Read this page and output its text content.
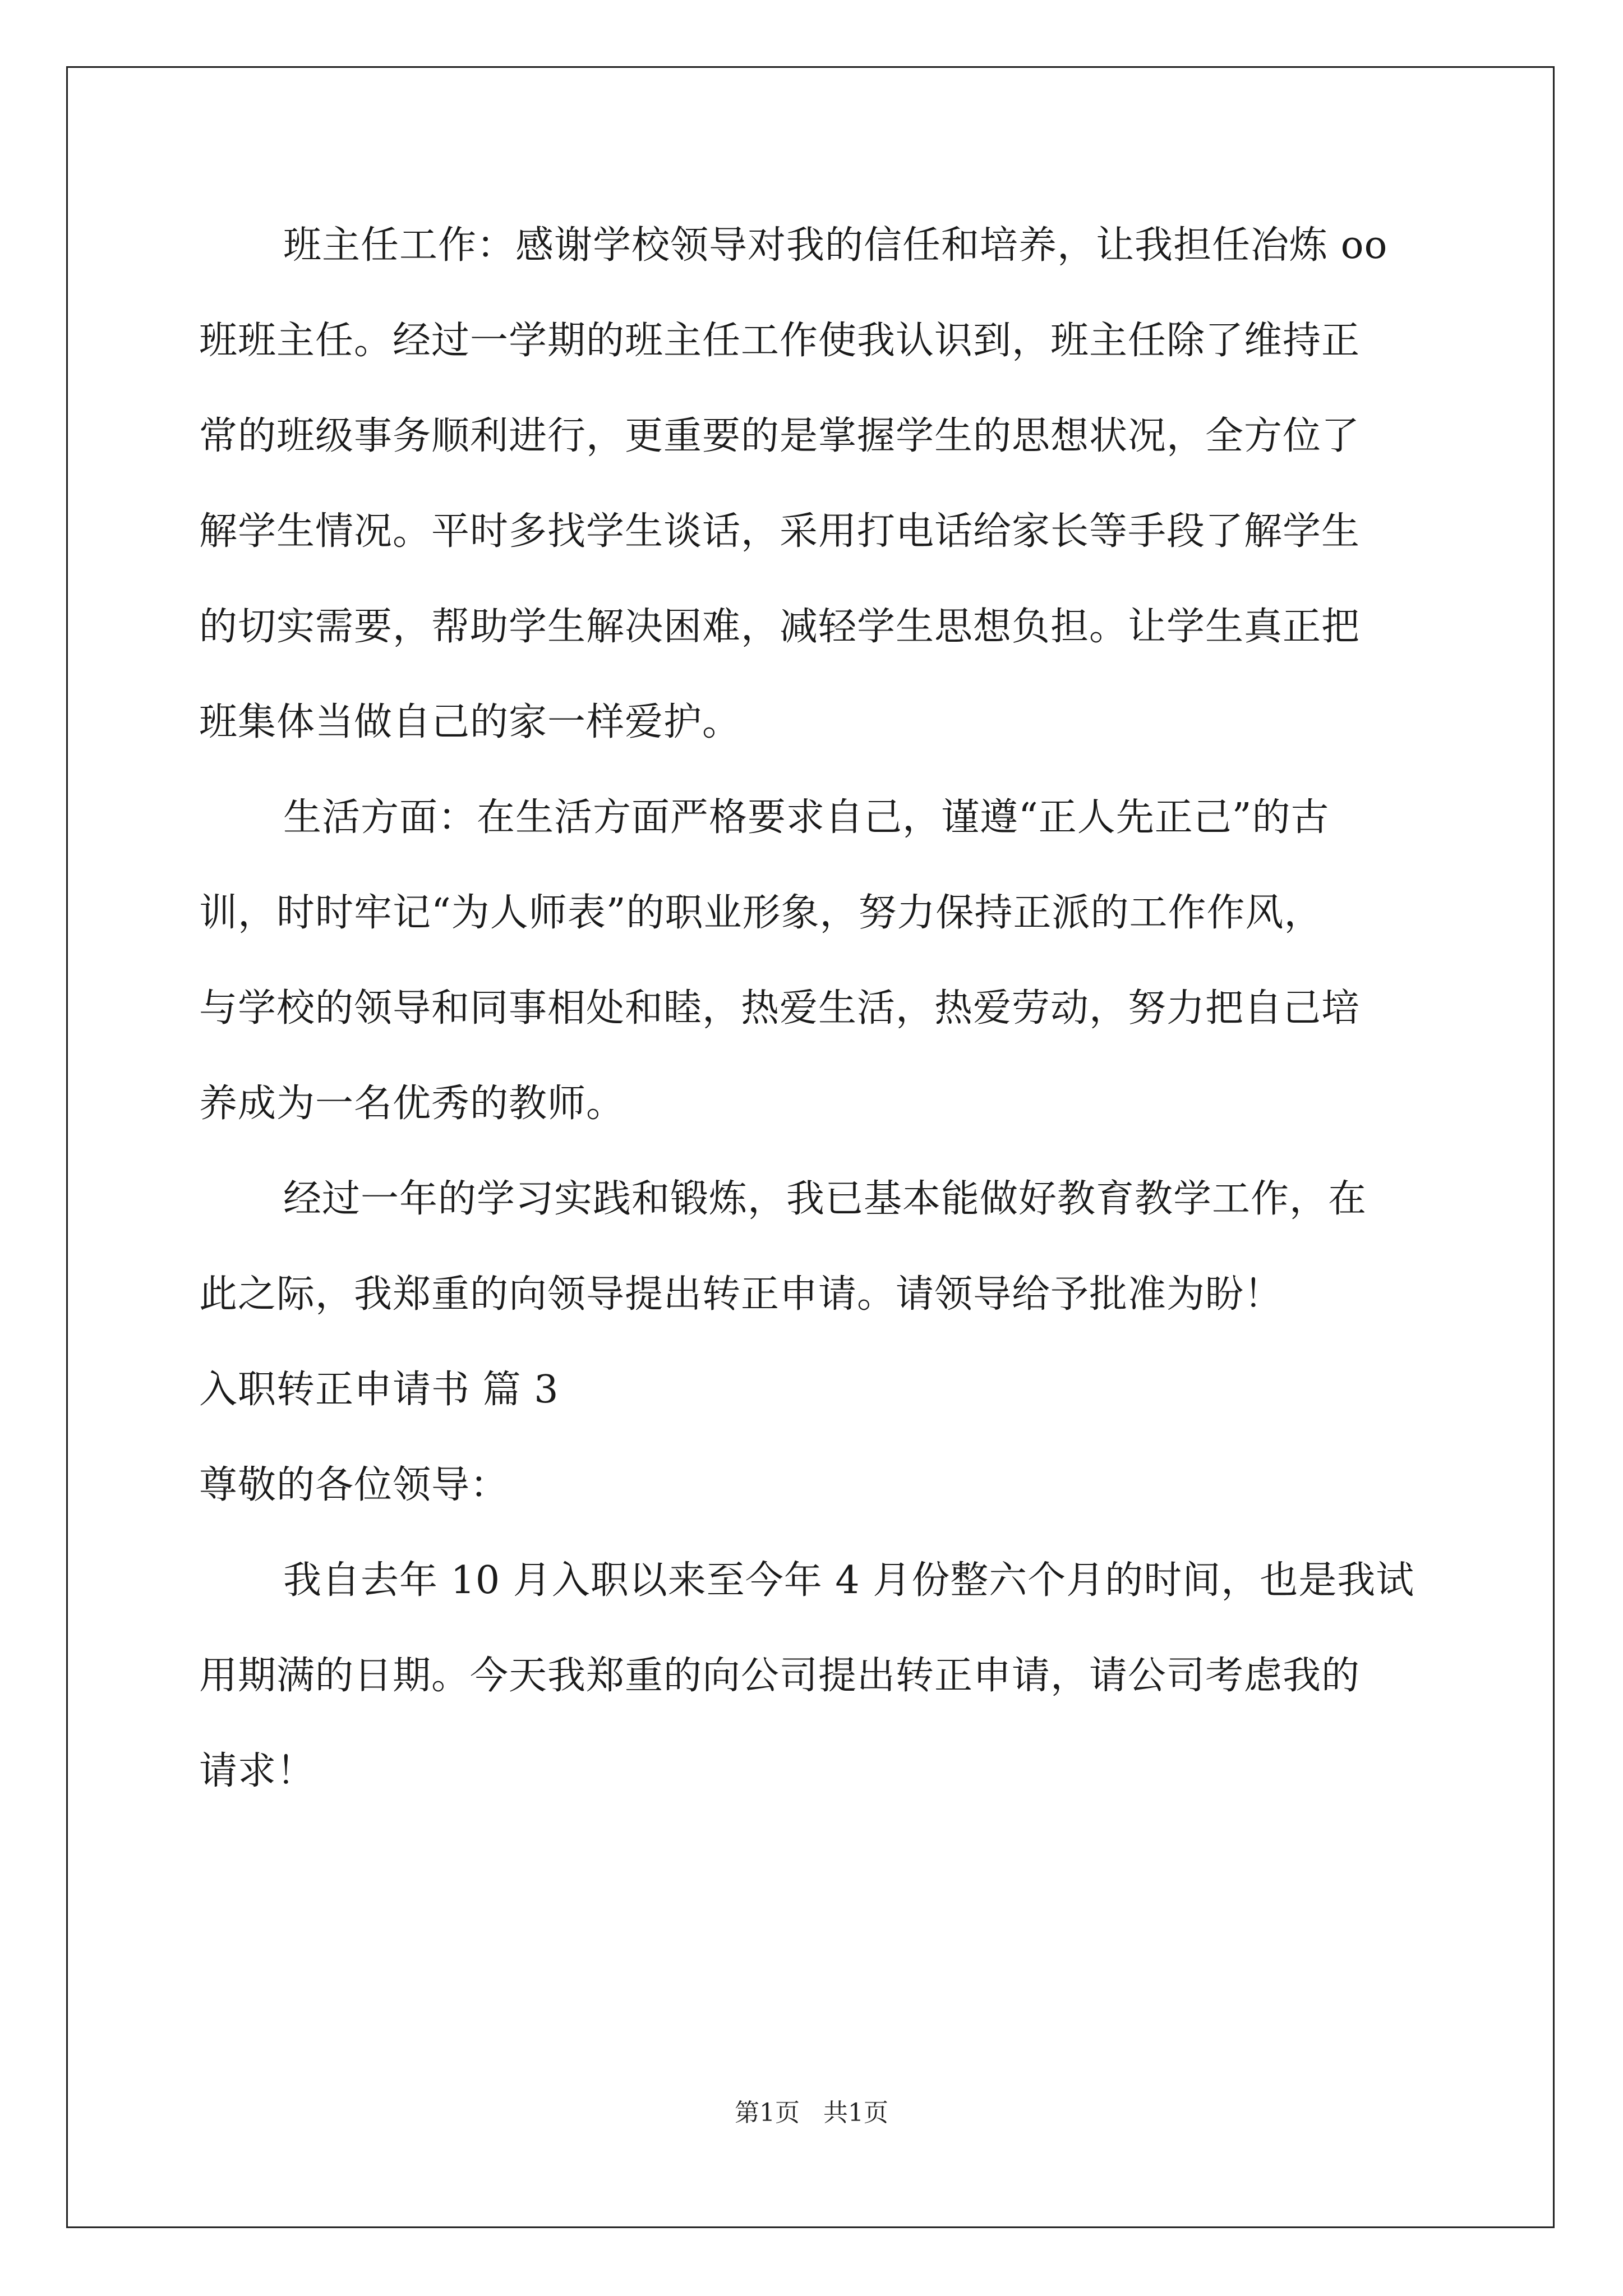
班主任工作：感谢学校领导对我的信任和培养，让我担任冶炼 oo
班班主任。经过一学期的班主任工作使我认识到，班主任除了维持正
常的班级事务顺利进行，更重要的是掌握学生的思想状况，全方位了
解学生情况。平时多找学生谈话，采用打电话给家长等手段了解学生
的切实需要，帮助学生解决困难，减轻学生思想负担。让学生真正把
班集体当做自己的家一样爱护。
生活方面：在生活方面严格要求自己，谨遵“正人先正己”的古
训，时时牢记“为人师表”的职业形象，努力保持正派的工作作风，
与学校的领导和同事相处和睦，热爱生活，热爱劳动，努力把自己培
养成为一名优秀的教师。
经过一年的学习实践和锻炼，我已基本能做好教育教学工作，在
此之际，我郑重的向领导提出转正申请。请领导给予批准为盼！
入职转正申请书 篇 3
尊敬的各位领导：
我自去年 10 月入职以来至今年 4 月份整六个月的时间，也是我试
用期满的日期。今天我郑重的向公司提出转正申请，请公司考虑我的
请求！
第1页   共1页
